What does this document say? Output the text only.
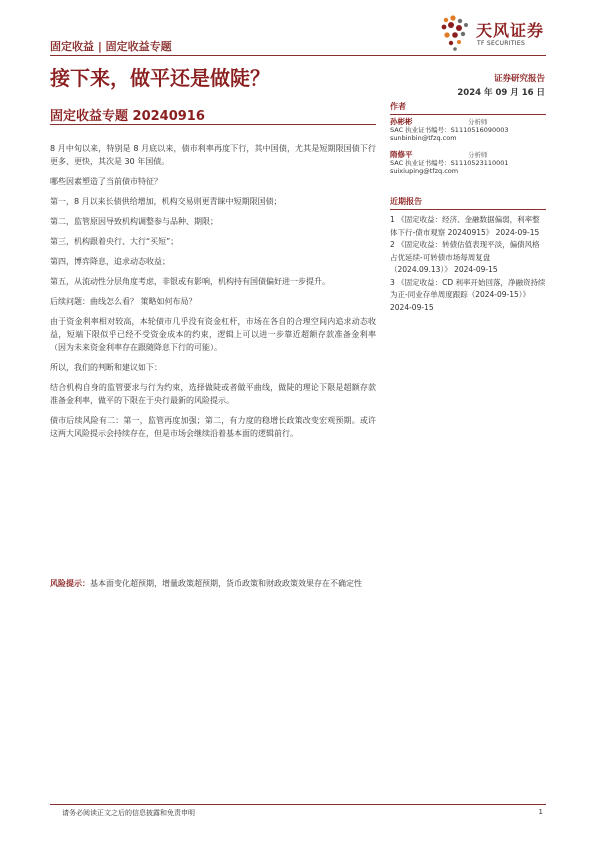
固定收益 | 固定收益专题
天风证券
TF SECURITIES
接下来，做平还是做陡？	证券研究报告
2024 年 09 月 16 日
固定收益专题 20240916

8 月中旬以来，特别是 8 月底以来，债市利率再度下行，其中国债，尤其是短期限国债下行更多、更快，其次是 30 年国债。

哪些因素塑造了当前债市特征？

第一，8 月以来长债供给增加，机构交易则更青睐中短期限国债；

第二，监管原因导致机构调整参与品种、期限；

第三，机构跟着央行、大行“买短”；

第四，博弈降息，追求动态收益；

第五，从流动性分层角度考虑，非银或有影响，机构持有国债偏好进一步提升。

后续问题：曲线怎么看？ 策略如何布局？

由于资金利率相对较高，本轮债市几乎没有资金杠杆，市场在各自的合理空间内追求动态收益，短端下限似乎已经不受资金成本的约束，逻辑上可以进一步靠近超额存款准备金利率（因为未来资金利率存在跟随降息下行的可能）。

所以，我们的判断和建议如下：

结合机构自身的监管要求与行为约束，选择做陡或者做平曲线，做陡的理论下限是超额存款准备金利率，做平的下限在于央行最新的风险提示。

债市后续风险有二：第一，监管再度加强；第二，有力度的稳增长政策改变宏观预期。或许这两大风险提示会持续存在，但是市场会继续沿着基本面的逻辑前行。

风险提示：基本面变化超预期，增量政策超预期，货币政策和财政政策效果存在不确定性
作者
孙彬彬	分析师
SAC 执业证书编号：S1110516090003
sunbinbin@tfzq.com
隋修平	分析师
SAC 执业证书编号：S1110523110001
suixiuping@tfzq.com
近期报告
1 《固定收益：经济、金融数据偏弱，利率整体下行-债市观察 20240915》 2024-09-15
2 《固定收益：转债估值表现平淡，偏债风格占优延续-可转债市场每周复盘（2024.09.13）》 2024-09-15
3 《固定收益：CD 利率开始回落，净融资持续为正-同业存单周度跟踪（2024-09-15）》 2024-09-15
请务必阅读正文之后的信息披露和免责申明	1
